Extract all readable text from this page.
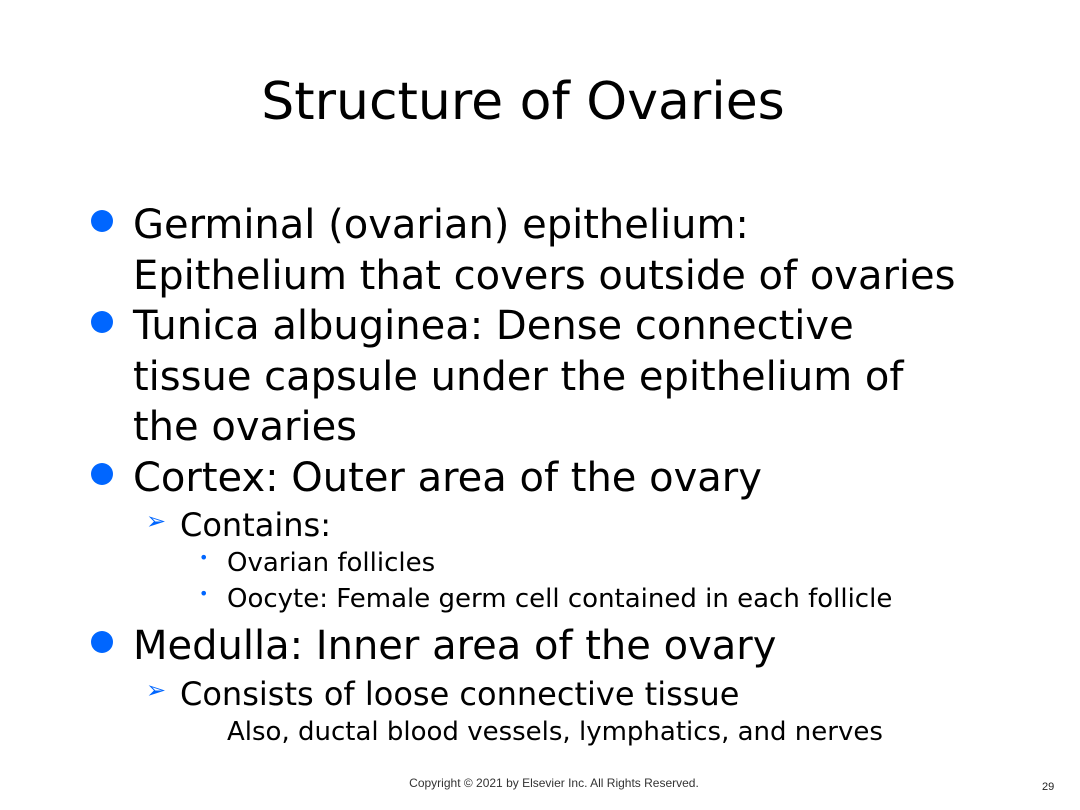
Structure of Ovaries
Germinal (ovarian) epithelium: Epithelium that covers outside of ovaries
Tunica albuginea: Dense connective tissue capsule under the epithelium of the ovaries
Cortex: Outer area of the ovary
➢ Contains:
• Ovarian follicles
• Oocyte: Female germ cell contained in each follicle
Medulla: Inner area of the ovary
➢ Consists of loose connective tissue
Also, ductal blood vessels, lymphatics, and nerves
Copyright © 2021 by Elsevier Inc. All Rights Reserved.	29
